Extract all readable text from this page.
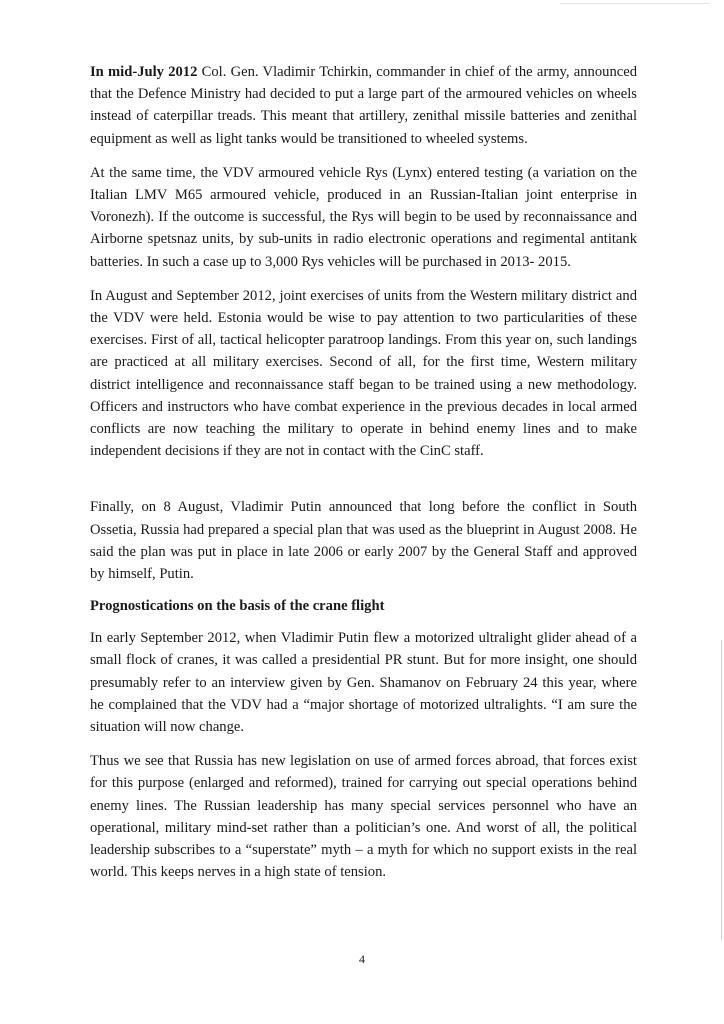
In mid-July 2012 Col. Gen. Vladimir Tchirkin, commander in chief of the army, announced that the Defence Ministry had decided to put a large part of the armoured vehicles on wheels instead of caterpillar treads. This meant that artillery, zenithal missile batteries and zenithal equipment as well as light tanks would be transitioned to wheeled systems.

At the same time, the VDV armoured vehicle Rys (Lynx) entered testing (a variation on the Italian LMV M65 armoured vehicle, produced in an Russian-Italian joint enterprise in Voronezh). If the outcome is successful, the Rys will begin to be used by reconnaissance and Airborne spetsnaz units, by sub-units in radio electronic operations and regimental antitank batteries. In such a case up to 3,000 Rys vehicles will be purchased in 2013- 2015.

In August and September 2012, joint exercises of units from the Western military district and the VDV were held. Estonia would be wise to pay attention to two particularities of these exercises. First of all, tactical helicopter paratroop landings. From this year on, such landings are practiced at all military exercises. Second of all, for the first time, Western military district intelligence and reconnaissance staff began to be trained using a new methodology. Officers and instructors who have combat experience in the previous decades in local armed conflicts are now teaching the military to operate in behind enemy lines and to make independent decisions if they are not in contact with the CinC staff.

Finally, on 8 August, Vladimir Putin announced that long before the conflict in South Ossetia, Russia had prepared a special plan that was used as the blueprint in August 2008. He said the plan was put in place in late 2006 or early 2007 by the General Staff and approved by himself, Putin.

Prognostications on the basis of the crane flight

In early September 2012, when Vladimir Putin flew a motorized ultralight glider ahead of a small flock of cranes, it was called a presidential PR stunt. But for more insight, one should presumably refer to an interview given by Gen. Shamanov on February 24 this year, where he complained that the VDV had a “major shortage of motorized ultralights. “I am sure the situation will now change.

Thus we see that Russia has new legislation on use of armed forces abroad, that forces exist for this purpose (enlarged and reformed), trained for carrying out special operations behind enemy lines. The Russian leadership has many special services personnel who have an operational, military mind-set rather than a politician’s one. And worst of all, the political leadership subscribes to a “superstate” myth – a myth for which no support exists in the real world. This keeps nerves in a high state of tension.

4
